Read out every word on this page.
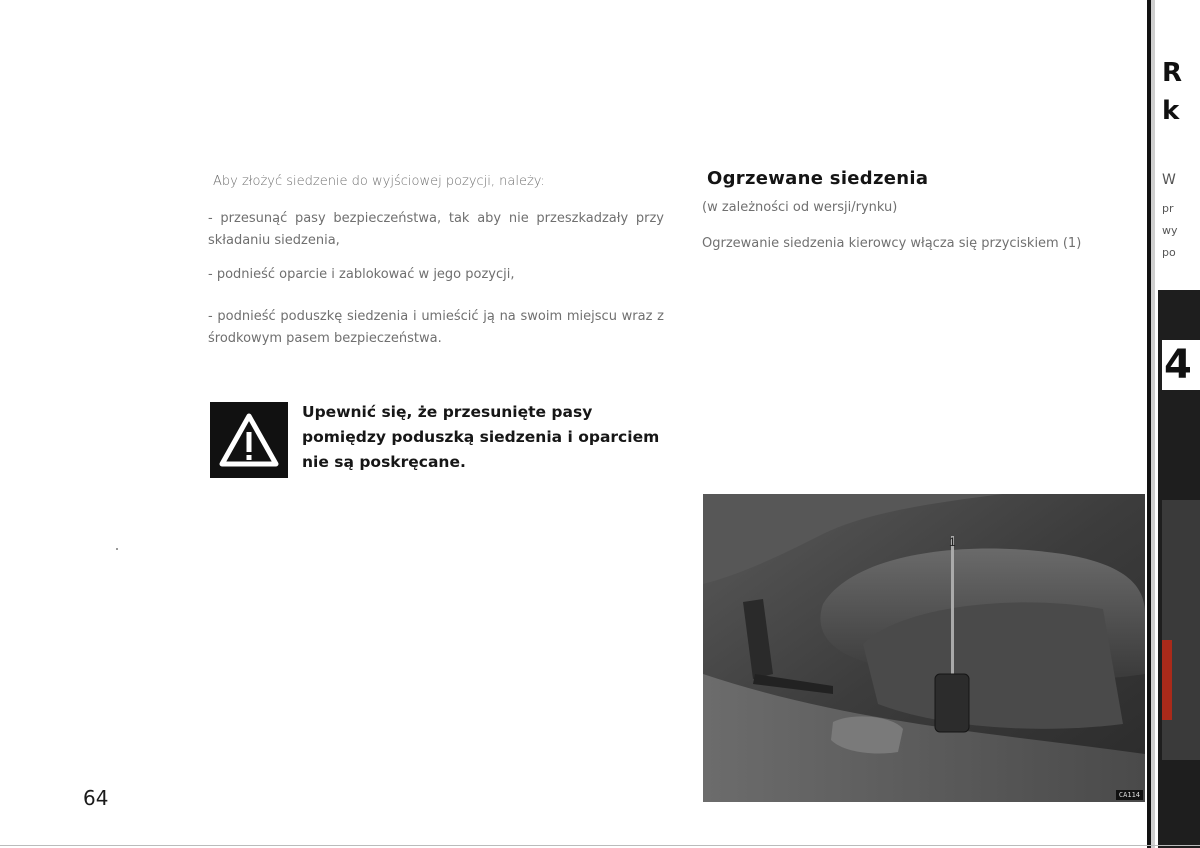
Aby złożyć siedzenie do wyjściowej pozycji, należy:
- przesunąć pasy bezpieczeństwa, tak aby nie przeszkadzały przy składaniu siedzenia,
- podnieść oparcie i zablokować w jego pozycji,
- podnieść poduszkę siedzenia i umieścić ją na swoim miejscu wraz z środkowym pasem bezpieczeństwa.
Upewnić się, że przesunięte pasy pomiędzy poduszką siedzenia i oparciem nie są poskręcane.
Ogrzewane siedzenia
(w zależności od wersji/rynku)
Ogrzewanie siedzenia kierowcy włącza się przyciskiem (1)
1
CA114
64
R
k
W
pr
wy
po
4
